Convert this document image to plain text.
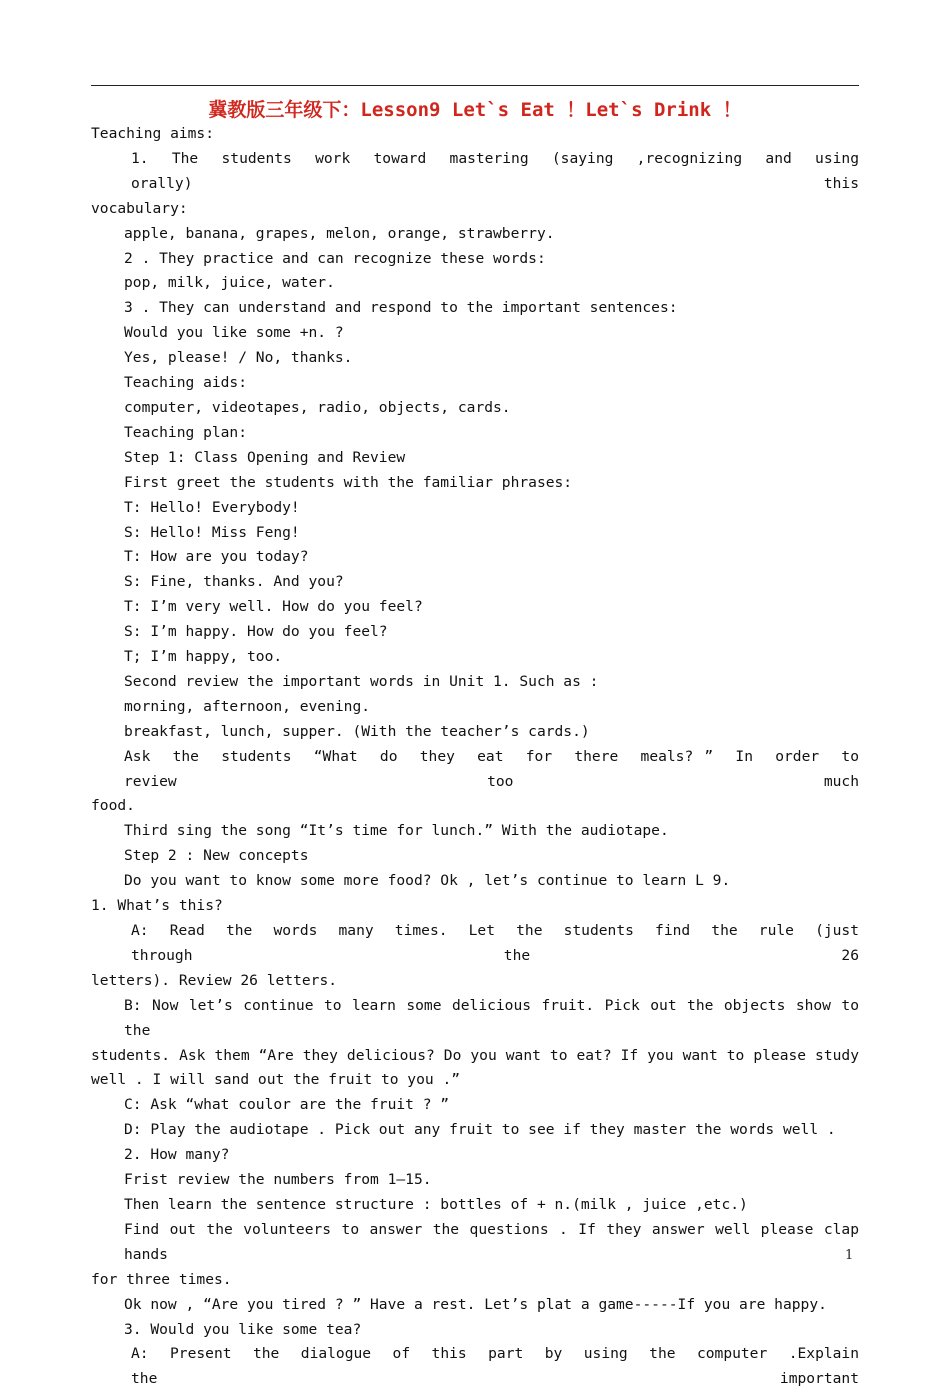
冀教版三年级下：Lesson9 Let`s Eat ！Let`s Drink ！

Teaching aims:

1.  The  students  work  toward  mastering  (saying  ,recognizing  and  using  orally)  this

vocabulary:

apple, banana, grapes, melon, orange, strawberry.

2 . They practice and can recognize these words:

pop, milk, juice, water.

3 . They can understand and respond to the important sentences:

Would you like some +n. ?

Yes, please! / No, thanks.

Teaching aids:

computer, videotapes, radio, objects, cards.

Teaching plan:

Step 1: Class Opening and Review

First greet the students with the familiar phrases:

T: Hello! Everybody!

S: Hello! Miss Feng!

T: How are you today?

S: Fine, thanks. And you?

T: I’m very well. How do you feel?

S: I’m happy. How do you feel?

T; I’m happy, too.

Second review the important words in Unit 1. Such as :

morning, afternoon, evening.

breakfast, lunch, supper. (With the teacher’s cards.)

Ask  the  students  “What  do  they  eat  for  there  meals? ”  In  order  to  review  too  much

food.

Third sing the song “It’s time for lunch.” With the audiotape.

Step 2 : New concepts

Do you want to know some more food? Ok , let’s continue to learn L 9.

1. What’s this?

A:  Read  the  words  many  times.  Let  the  students  find  the  rule  (just  through  the  26

letters). Review 26 letters.

B: Now let’s continue to learn some delicious fruit. Pick out the objects show to the

students. Ask them “Are they delicious? Do you want to eat? If you want to please study

well . I will sand out the fruit to you .”

C: Ask “what coulor are the fruit ? ”

D: Play the audiotape . Pick out any fruit to see if they master the words well .

2. How many?

Frist review the numbers from 1—15.

Then learn the sentence structure : bottles of + n.(milk , juice ,etc.)

Find out the volunteers to answer the questions . If they answer well please clap hands

for three times.

Ok now , “Are you tired ? ” Have a rest. Let’s plat a game-----If you are happy.

3. Would you like some tea?

A:  Present  the  dialogue  of  this  part  by  using  the  computer  .Explain  the  important

1
